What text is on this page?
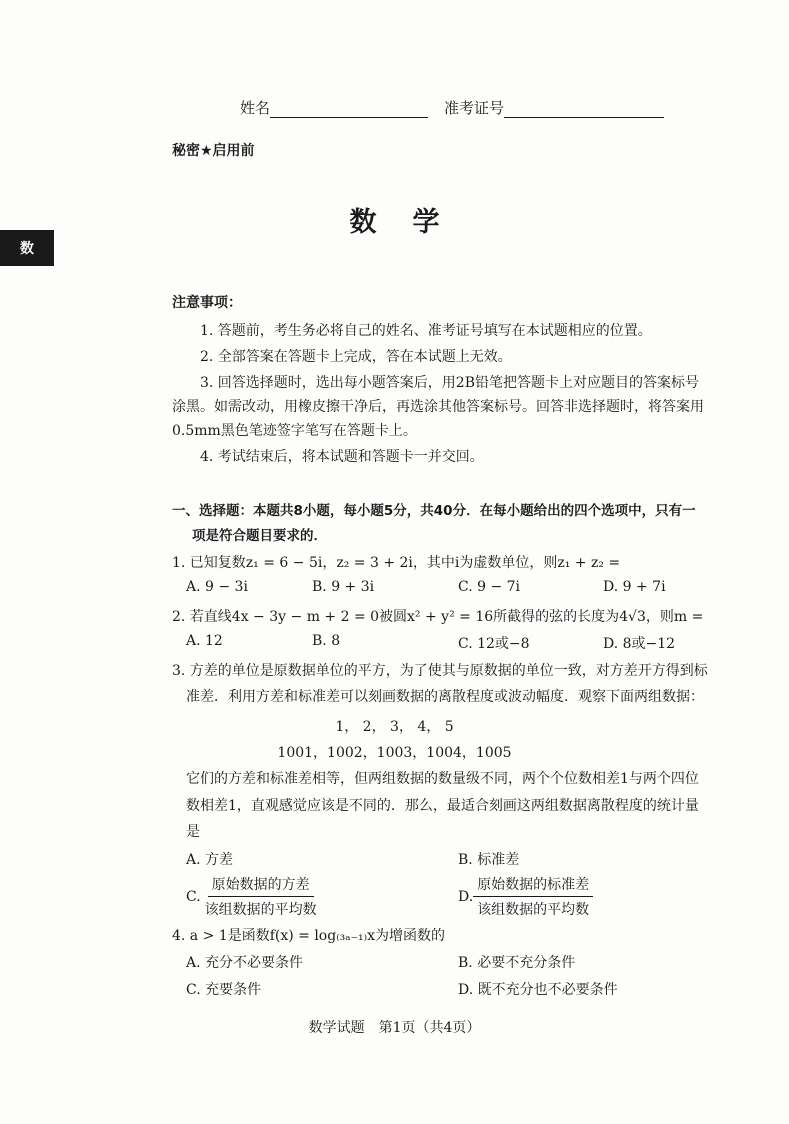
数
姓名	准考证号
秘密★启用前
数学
注意事项：
1. 答题前，考生务必将自己的姓名、准考证号填写在本试题相应的位置。
2. 全部答案在答题卡上完成，答在本试题上无效。
3. 回答选择题时，选出每小题答案后，用2B铅笔把答题卡上对应题目的答案标号
涂黑。如需改动，用橡皮擦干净后，再选涂其他答案标号。回答非选择题时，将答案用
0.5mm黑色笔迹签字笔写在答题卡上。
4. 考试结束后，将本试题和答题卡一并交回。
一、选择题：本题共8小题，每小题5分，共40分．在每小题给出的四个选项中，只有一
项是符合题目要求的．
1. 已知复数z₁ = 6 − 5i，z₂ = 3 + 2i，其中i为虚数单位，则z₁ + z₂ =
A. 9 − 3i	B. 9 + 3i	C. 9 − 7i	D. 9 + 7i
2. 若直线4x − 3y − m + 2 = 0被圆x² + y² = 16所截得的弦的长度为4√3，则m =
A. 12	B. 8	C. 12或−8	D. 8或−12
3. 方差的单位是原数据单位的平方，为了使其与原数据的单位一致，对方差开方得到标
准差．利用方差和标准差可以刻画数据的离散程度或波动幅度．观察下面两组数据：
1， 2， 3， 4， 5
1001，1002，1003，1004，1005
它们的方差和标准差相等，但两组数据的数量级不同，两个个位数相差1与两个四位
数相差1，直观感觉应该是不同的．那么，最适合刻画这两组数据离散程度的统计量
是
A. 方差	B. 标准差
C. $\frac{\text{原始数据的方差}}{\text{该组数据的平均数}}$	D. $\frac{\text{原始数据的标准差}}{\text{该组数据的平均数}}$
4. a > 1是函数f(x) = log₍₃ₐ₋₁₎x为增函数的
A. 充分不必要条件	B. 必要不充分条件
C. 充要条件	D. 既不充分也不必要条件
数学试题　第1页（共4页）
